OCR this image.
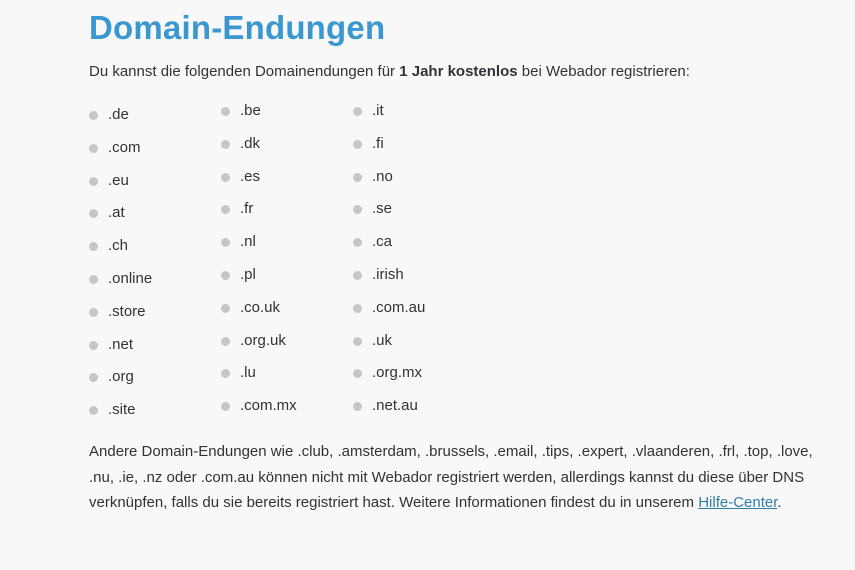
Domain-Endungen
Du kannst die folgenden Domainendungen für 1 Jahr kostenlos bei Webador registrieren:
.de
.com
.eu
.at
.ch
.online
.store
.net
.org
.site
.be
.dk
.es
.fr
.nl
.pl
.co.uk
.org.uk
.lu
.com.mx
.it
.fi
.no
.se
.ca
.irish
.com.au
.uk
.org.mx
.net.au

Andere Domain-Endungen wie .club, .amsterdam, .brussels, .email, .tips, .expert, .vlaanderen, .frl, .top, .love, .nu, .ie, .nz oder .com.au können nicht mit Webador registriert werden, allerdings kannst du diese über DNS verknüpfen, falls du sie bereits registriert hast. Weitere Informationen findest du in unserem Hilfe-Center.
